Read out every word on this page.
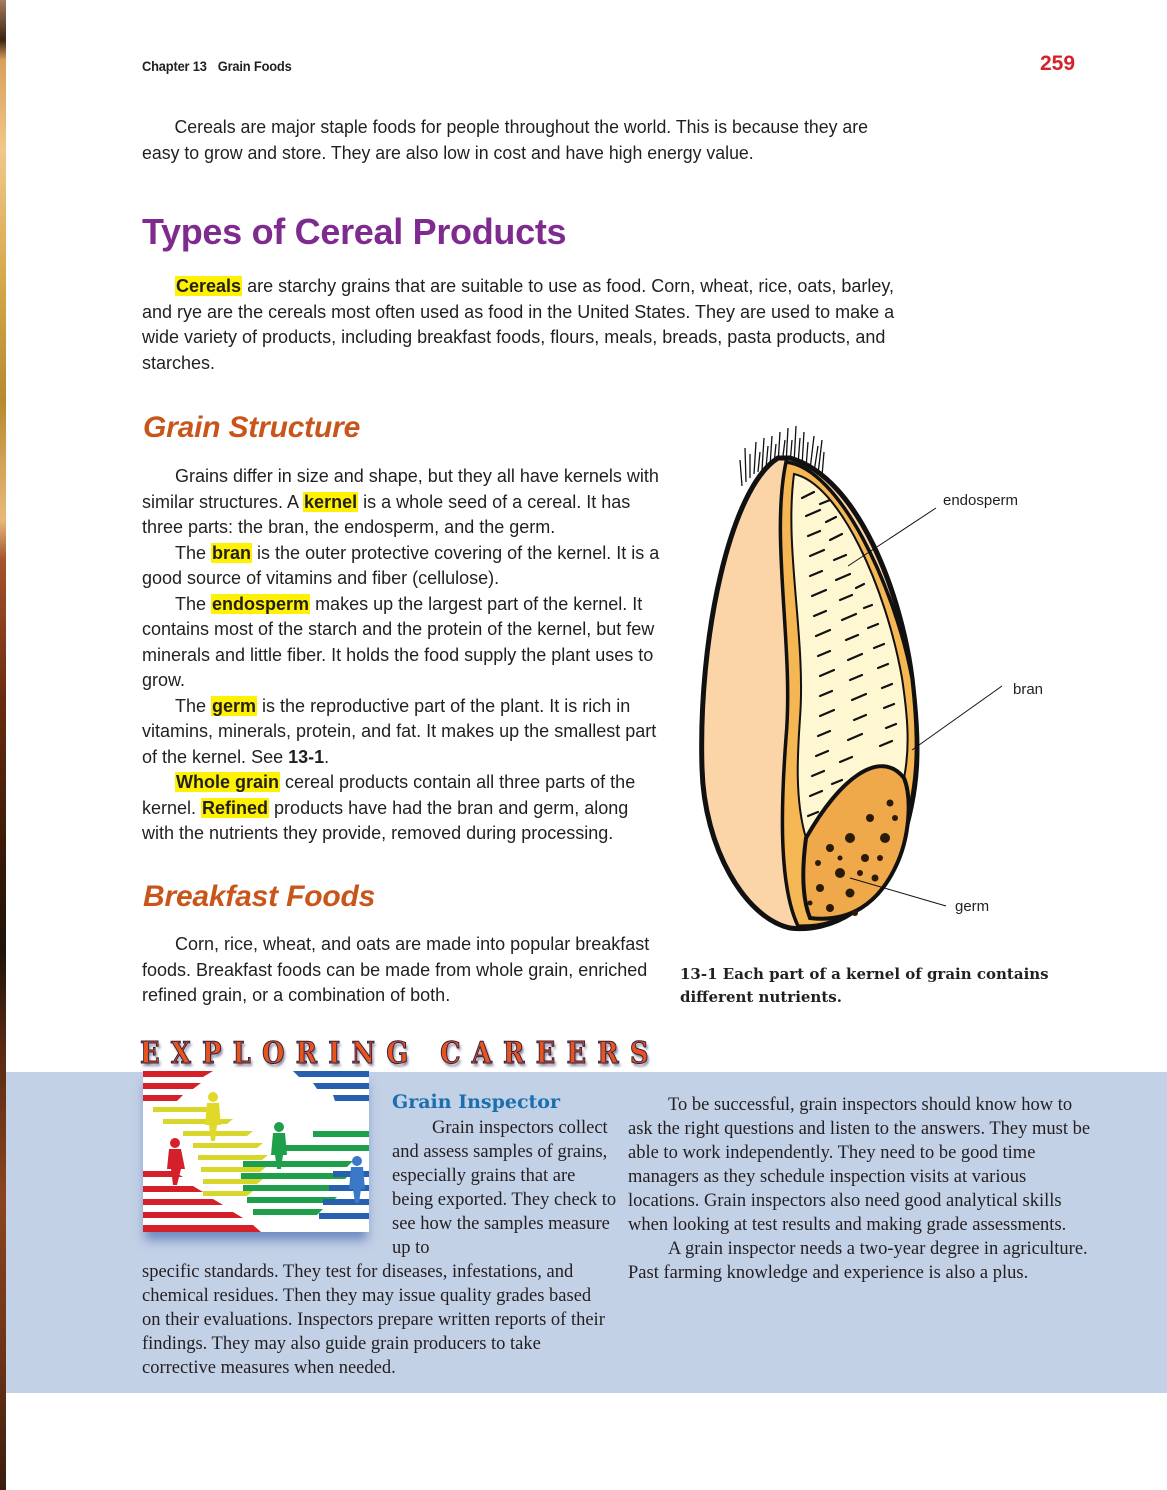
Chapter 13 Grain Foods	259

Cereals are major staple foods for people throughout the world. This is because they are easy to grow and store. They are also low in cost and have high energy value.

Types of Cereal Products

Cereals are starchy grains that are suitable to use as food. Corn, wheat, rice, oats, barley, and rye are the cereals most often used as food in the United States. They are used to make a wide variety of products, including breakfast foods, flours, meals, breads, pasta products, and starches.

Grain Structure

Grains differ in size and shape, but they all have kernels with similar structures. A kernel is a whole seed of a cereal. It has three parts: the bran, the endosperm, and the germ.

The bran is the outer protective covering of the kernel. It is a good source of vitamins and fiber (cellulose).

The endosperm makes up the largest part of the kernel. It contains most of the starch and the protein of the kernel, but few minerals and little fiber. It holds the food supply the plant uses to grow.

The germ is the reproductive part of the plant. It is rich in vitamins, minerals, protein, and fat. It makes up the smallest part of the kernel. See 13-1.

Whole grain cereal products contain all three parts of the kernel. Refined products have had the bran and germ, along with the nutrients they provide, removed during processing.

Breakfast Foods

Corn, rice, wheat, and oats are made into popular breakfast foods. Breakfast foods can be made from whole grain, enriched refined grain, or a combination of both.

endosperm
bran
germ
13-1 Each part of a kernel of grain contains different nutrients.
EXPLORING CAREERS
Grain Inspector

Grain inspectors collect and assess samples of grains, especially grains that are being exported. They check to see how the samples measure up to

specific standards. They test for diseases, infestations, and chemical residues. Then they may issue quality grades based on their evaluations. Inspectors prepare written reports of their findings. They may also guide grain producers to take corrective measures when needed.

To be successful, grain inspectors should know how to ask the right questions and listen to the answers. They must be able to work independently. They need to be good time managers as they schedule inspection visits at various locations. Grain inspectors also need good analytical skills when looking at test results and making grade assessments.

A grain inspector needs a two-year degree in agriculture. Past farming knowledge and experience is also a plus.
